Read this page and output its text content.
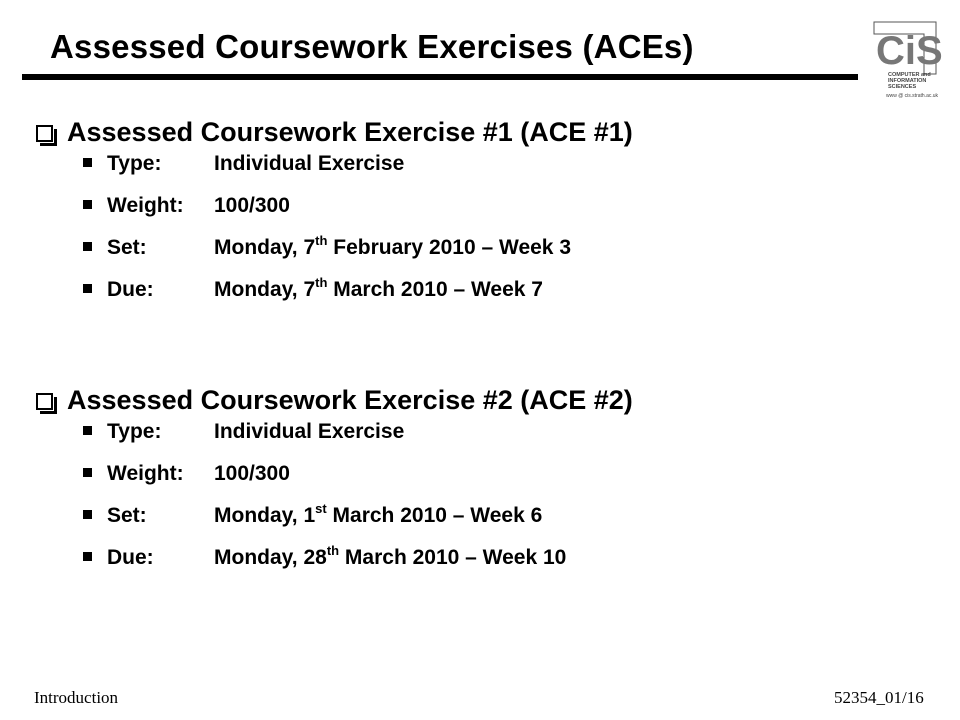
Assessed Coursework Exercises (ACEs)	CiS
COMPUTER and
INFORMATION
SCIENCES
www @ cis.strath.ac.uk
Assessed Coursework Exercise #1 (ACE #1)
Type:	Individual Exercise
Weight:	100/300
Set:	Monday, 7th February 2010 – Week 3
Due:	Monday, 7th March 2010 – Week 7
Assessed Coursework Exercise #2 (ACE #2)
Type:	Individual Exercise
Weight:	100/300
Set:	Monday, 1st March 2010 – Week 6
Due:	Monday, 28th March 2010 – Week 10
Introduction	52354_01/16
